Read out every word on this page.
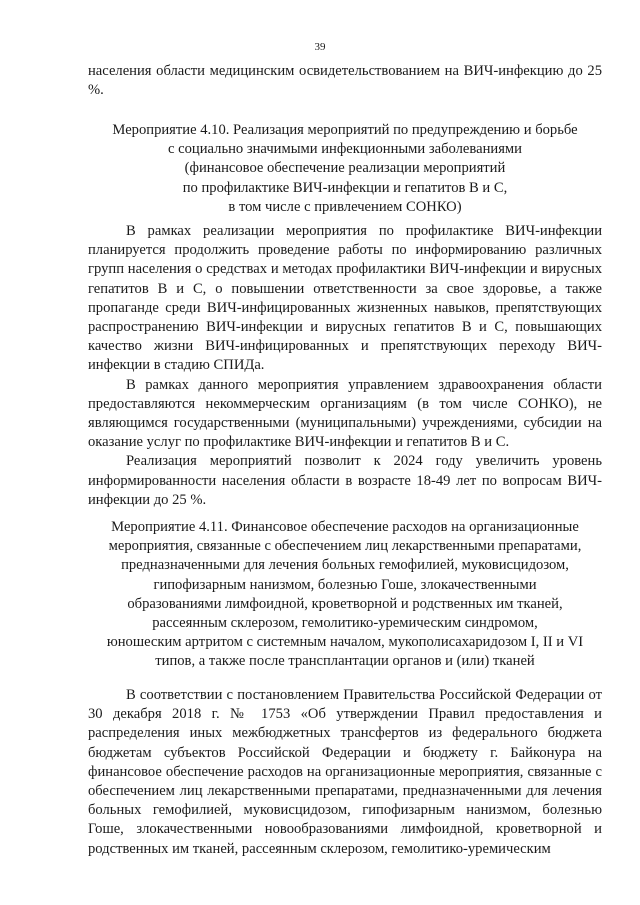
39

населения области медицинским освидетельствованием на ВИЧ-инфекцию до 25 %.

Мероприятие 4.10. Реализация мероприятий по предупреждению и борьбе
с социально значимыми инфекционными заболеваниями
(финансовое обеспечение реализации мероприятий
по профилактике ВИЧ-инфекции и гепатитов В и С,
в том числе с привлечением СОНКО)

В рамках реализации мероприятия по профилактике ВИЧ-инфекции планируется продолжить проведение работы по информированию различных групп населения о средствах и методах профилактики ВИЧ-инфекции и вирусных гепатитов В и С, о повышении ответственности за свое здоровье, а также пропаганде среди ВИЧ-инфицированных жизненных навыков, препятствующих распространению ВИЧ-инфекции и вирусных гепатитов В и С, повышающих качество жизни ВИЧ-инфицированных и препятствующих переходу ВИЧ-инфекции в стадию СПИДа.

В рамках данного мероприятия управлением здравоохранения области предоставляются некоммерческим организациям (в том числе СОНКО), не являющимся государственными (муниципальными) учреждениями, субсидии на оказание услуг по профилактике ВИЧ-инфекции и гепатитов В и С.

Реализация мероприятий позволит к 2024 году увеличить уровень информированности населения области в возрасте 18-49 лет по вопросам ВИЧ-инфекции до 25 %.

Мероприятие 4.11. Финансовое обеспечение расходов на организационные
мероприятия, связанные с обеспечением лиц лекарственными препаратами,
предназначенными для лечения больных гемофилией, муковисцидозом,
гипофизарным нанизмом, болезнью Гоше, злокачественными
образованиями лимфоидной, кроветворной и родственных им тканей,
рассеянным склерозом, гемолитико-уремическим синдромом,
юношеским артритом с системным началом, мукополисахаридозом I, II и VI
типов, а также после трансплантации органов и (или) тканей

В соответствии с постановлением Правительства Российской Федерации от 30 декабря 2018 г. № 1753 «Об утверждении Правил предоставления и распределения иных межбюджетных трансфертов из федерального бюджета бюджетам субъектов Российской Федерации и бюджету г. Байконура на финансовое обеспечение расходов на организационные мероприятия, связанные с обеспечением лиц лекарственными препаратами, предназначенными для лечения больных гемофилией, муковисцидозом, гипофизарным нанизмом, болезнью Гоше, злокачественными новообразованиями лимфоидной, кроветворной и родственных им тканей, рассеянным склерозом, гемолитико-уремическим
